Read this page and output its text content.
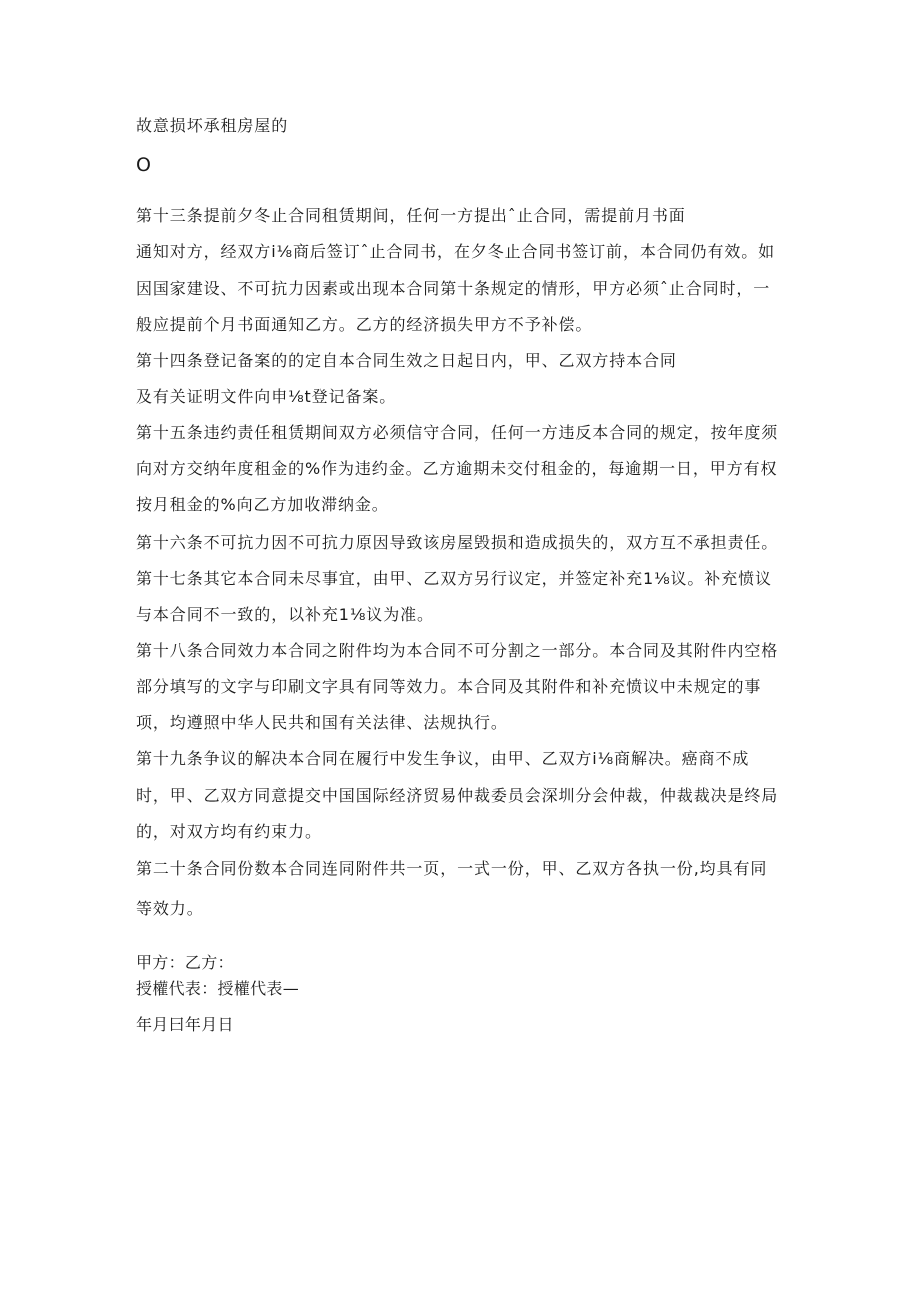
故意损坏承租房屋的
O
第十三条提前夕冬止合同租赁期间，任何一方提出ˆ止合同，需提前月书面
通知对方，经双方i⅛商后签订ˆ止合同书，在夕冬止合同书签订前，本合同仍有效。如
因国家建设、不可抗力因素或出现本合同第十条规定的情形，甲方必须ˆ止合同时，一
般应提前个月书面通知乙方。乙方的经济损失甲方不予补偿。
第十四条登记备案的的定自本合同生效之日起日内，甲、乙双方持本合同
及有关证明文件向申⅛t登记备案。
第十五条违约责任租赁期间双方必须信守合同，任何一方违反本合同的规定，按年度须
向对方交纳年度租金的%作为违约金。乙方逾期未交付租金的，每逾期一日，甲方有权
按月租金的%向乙方加收滞纳金。
第十六条不可抗力因不可抗力原因导致该房屋毁损和造成损失的，双方互不承担责任。
第十七条其它本合同未尽事宜，由甲、乙双方另行议定，并签定补充1⅛议。补充愤议
与本合同不一致的，以补充1⅛议为准。
第十八条合同效力本合同之附件均为本合同不可分割之一部分。本合同及其附件内空格
部分填写的文字与印刷文字具有同等效力。本合同及其附件和补充愤议中未规定的事
项，均遵照中华人民共和国有关法律、法规执行。
第十九条争议的解决本合同在履行中发生争议，由甲、乙双方i⅛商解决。癌商不成
时，甲、乙双方同意提交中国国际经济贸易仲裁委员会深圳分会仲裁，仲裁裁决是终局
的，对双方均有约束力。
第二十条合同份数本合同连同附件共一页，一式一份，甲、乙双方各执一份,均具有同
等效力。
甲方：乙方：
授權代表：授權代表—
年月曰年月日
